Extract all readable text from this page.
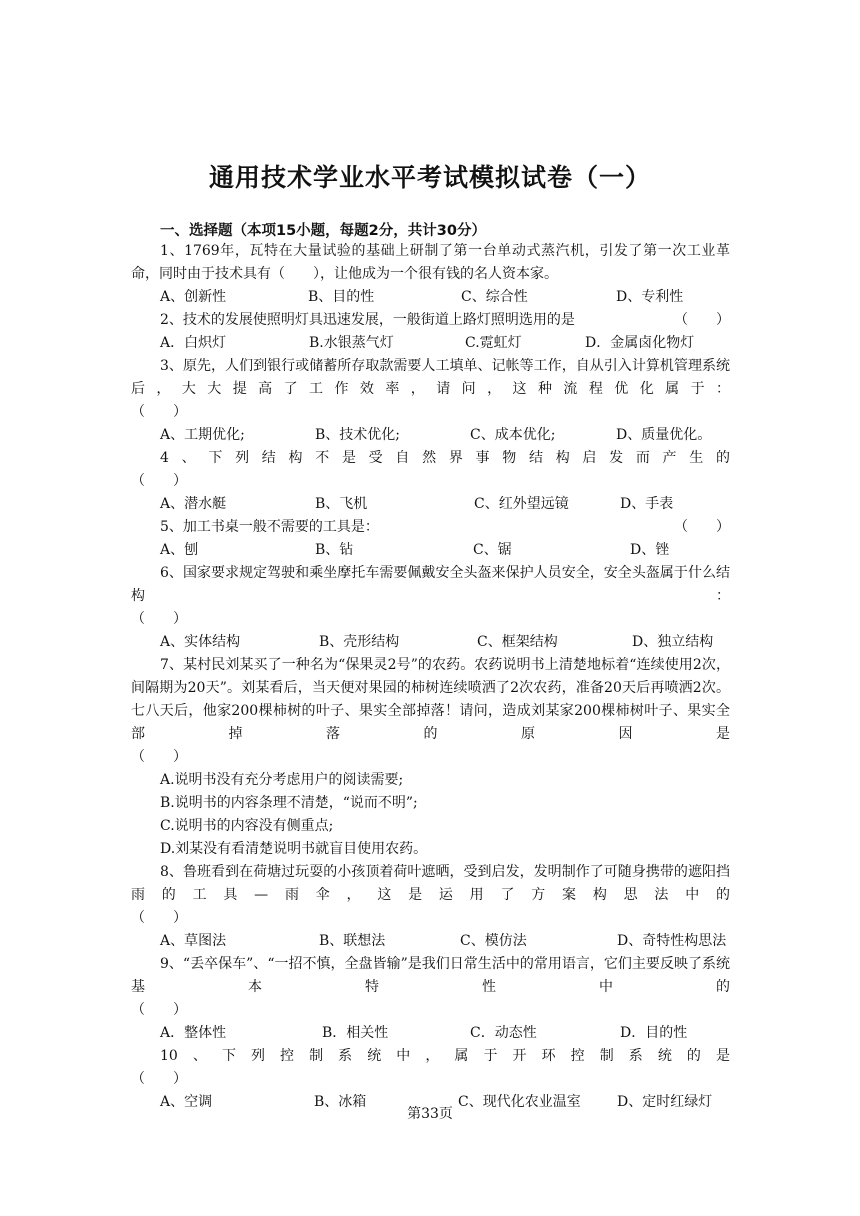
通用技术学业水平考试模拟试卷（一）
一、选择题（本项15小题，每题2分，共计30分）

1、1769年，瓦特在大量试验的基础上研制了第一台单动式蒸汽机，引发了第一次工业革命，同时由于技术具有（　　），让他成为一个很有钱的名人资本家。

A、创新性	B、目的性	C、综合性	D、专利性

（　　）
2、技术的发展使照明灯具迅速发展，一般街道上路灯照明选用的是

A．白炽灯	B.水银蒸气灯	C.霓虹灯	D．金属卤化物灯

3、原先，人们到银行或储蓄所存取款需要人工填单、记帐等工作，自从引入计算机管理系统后，大大提高了工作效率，请问，这种流程优化属于：

（　　）

A、工期优化;	B、技术优化;	C、成本优化;	D、质量优化。

4、下列结构不是受自然界事物结构启发而产生的

（　　）

A、潜水艇	B、飞机	C、红外望远镜	D、手表

（　　）
5、加工书桌一般不需要的工具是：

A、刨	B、钻	C、锯	D、锉

6、国家要求规定驾驶和乘坐摩托车需要佩戴安全头盔来保护人员安全，安全头盔属于什么结构：

（　　）

A、实体结构	B、壳形结构	C、框架结构	D、独立结构

7、某村民刘某买了一种名为“保果灵2号”的农药。农药说明书上清楚地标着“连续使用2次，间隔期为20天”。刘某看后，当天便对果园的柿树连续喷洒了2次农药，准备20天后再喷洒2次。七八天后，他家200棵柿树的叶子、果实全部掉落！请问，造成刘某家200棵柿树叶子、果实全部掉落的原因是

（　　）

A.说明书没有充分考虑用户的阅读需要;

B.说明书的内容条理不清楚，“说而不明”;

C.说明书的内容没有侧重点;

D.刘某没有看清楚说明书就盲目使用农药。

8、鲁班看到在荷塘过玩耍的小孩顶着荷叶遮晒，受到启发，发明制作了可随身携带的遮阳挡雨的工具—雨伞，这是运用了方案构思法中的

（　　）

A、草图法	B、联想法	C、模仿法	D、奇特性构思法

9、“丢卒保车”、“一招不慎，全盘皆输”是我们日常生活中的常用语言，它们主要反映了系统基本特性中的

（　　）

A．整体性	B．相关性	C．动态性	D．目的性

10、下列控制系统中，属于开环控制系统的是

（　　）

A、空调	B、冰箱	C、现代化农业温室	D、定时红绿灯
第33页
